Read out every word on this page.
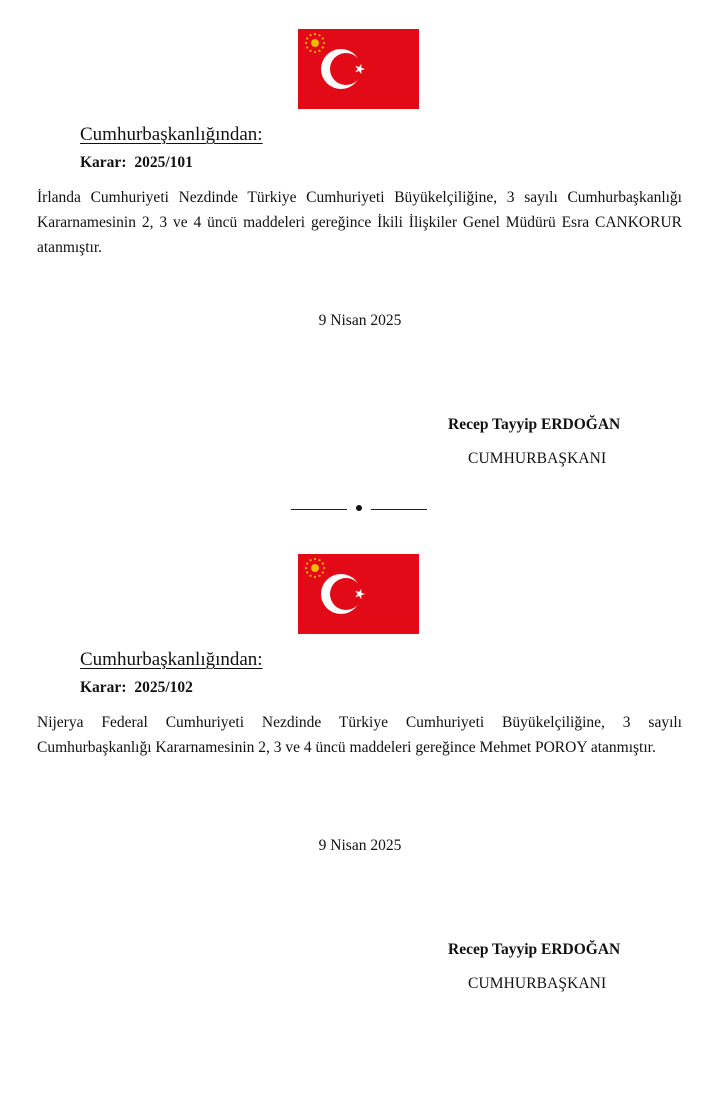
Cumhurbaşkanlığından:

Karar: 2025/101

İrlanda Cumhuriyeti Nezdinde Türkiye Cumhuriyeti Büyükelçiliğine, 3 sayılı Cumhurbaşkanlığı Kararnamesinin 2, 3 ve 4 üncü maddeleri gereğince İkili İlişkiler Genel Müdürü Esra CANKORUR atanmıştır.

9 Nisan 2025
Recep Tayyip ERDOĞAN
CUMHURBAŞKANI
Cumhurbaşkanlığından:

Karar: 2025/102

Nijerya Federal Cumhuriyeti Nezdinde Türkiye Cumhuriyeti Büyükelçiliğine, 3 sayılı Cumhurbaşkanlığı Kararnamesinin 2, 3 ve 4 üncü maddeleri gereğince Mehmet POROY atanmıştır.

9 Nisan 2025
Recep Tayyip ERDOĞAN
CUMHURBAŞKANI
